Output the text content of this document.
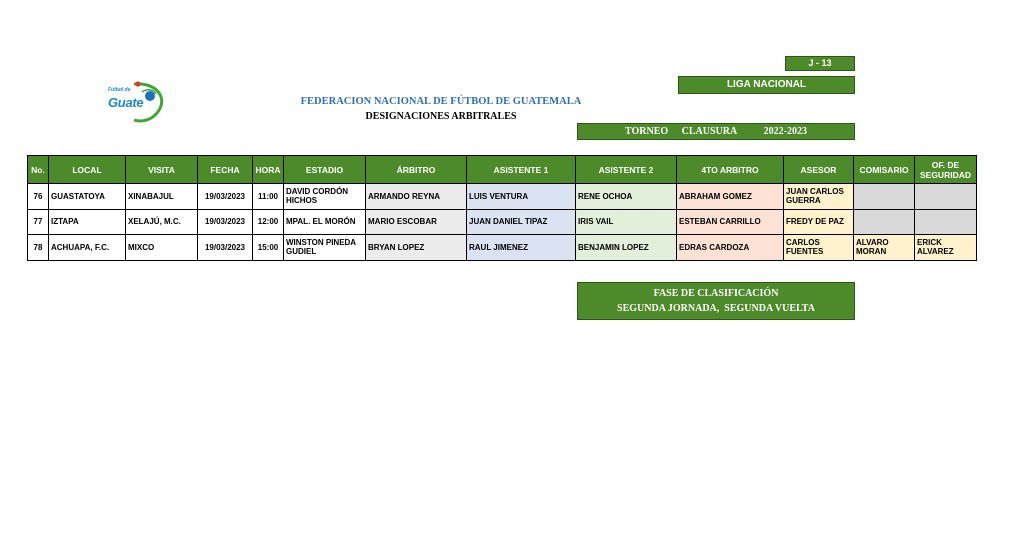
Fútbol de
Guate	FEDERACION NACIONAL DE FÚTBOL DE GUATEMALA
DESIGNACIONES ARBITRALES
J - 13
LIGA NACIONAL
TORNEO   CLAUSURA      2022-2023
No.	LOCAL	VISITA	FECHA	HORA	ESTADIO	ÁRBITRO	ASISTENTE 1	ASISTENTE 2	4TO ARBITRO	ASESOR	COMISARIO	OF. DE SEGURIDAD
76	GUASTATOYA	XINABAJUL	19/03/2023	11:00	DAVID CORDÓN HICHOS	ARMANDO REYNA	LUIS VENTURA	RENE OCHOA	ABRAHAM GOMEZ	JUAN CARLOS GUERRA		
77	IZTAPA	XELAJÚ, M.C.	19/03/2023	12:00	MPAL. EL MORÓN	MARIO ESCOBAR	JUAN DANIEL TIPAZ	IRIS VAIL	ESTEBAN CARRILLO	FREDY DE PAZ		
78	ACHUAPA, F.C.	MIXCO	19/03/2023	15:00	WINSTON PINEDA GUDIEL	BRYAN LOPEZ	RAUL JIMENEZ	BENJAMIN LOPEZ	EDRAS CARDOZA	CARLOS FUENTES	ALVARO MORAN	ERICK ALVAREZ
FASE DE CLASIFICACIÓN
SEGUNDA JORNADA,  SEGUNDA VUELTA
